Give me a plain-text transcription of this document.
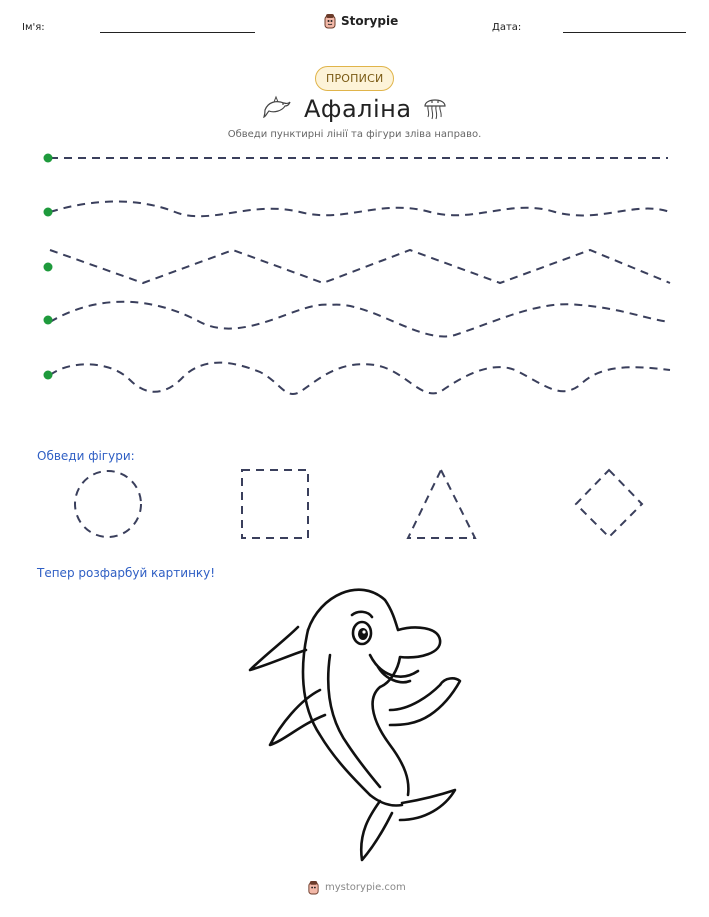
Ім'я:	Storypie	Дата:
ПРОПИСИ
Афаліна
Обведи пунктирні лінії та фігури зліва направо.
Обведи фігури:
Тепер розфарбуй картинку!
mystorypie.com
